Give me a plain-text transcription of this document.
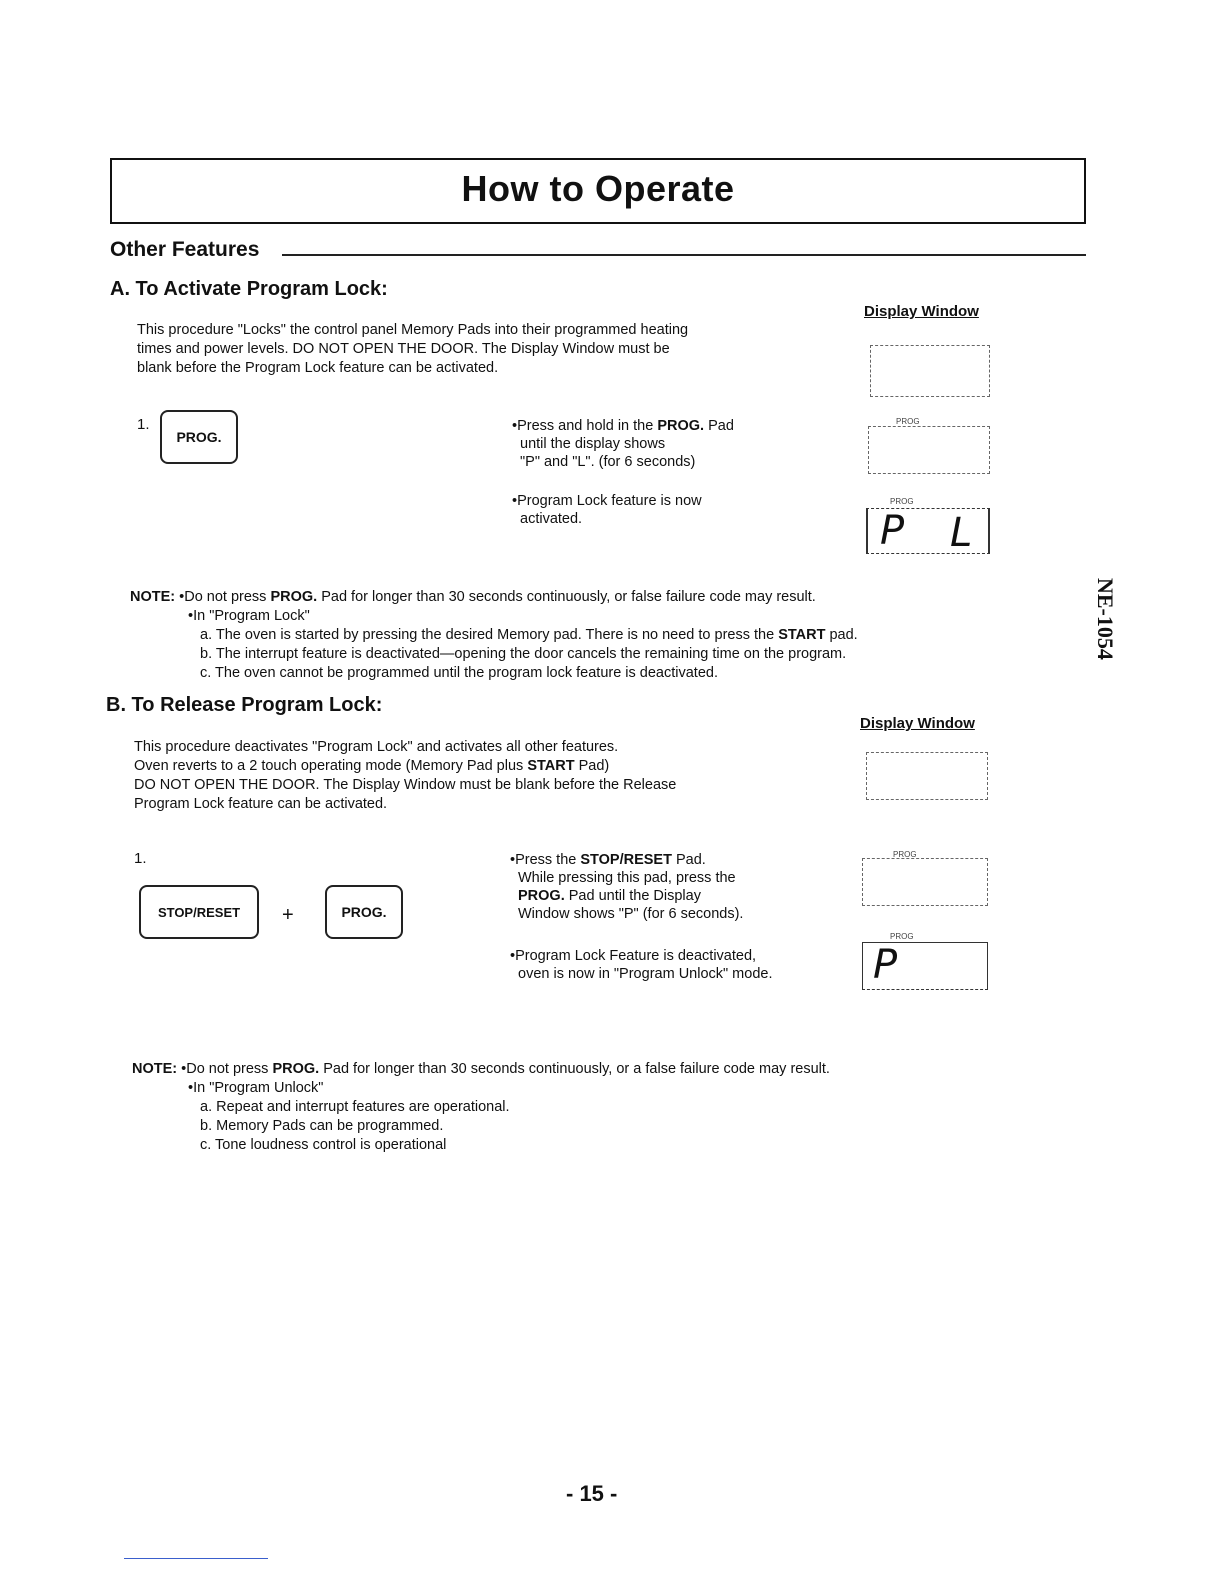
How to Operate
Other Features
A. To Activate Program Lock:
Display Window
This procedure "Locks" the control panel Memory Pads into their programmed heating
times and power levels. DO NOT OPEN THE DOOR. The Display Window must be
blank before the Program Lock feature can be activated.
1.
PROG.
•Press and hold in the PROG. Pad
until the display shows
"P" and "L". (for 6 seconds)
PROG
•Program Lock feature is now
activated.
PROG
P L
NE-1054
NOTE: •Do not press PROG. Pad for longer than 30 seconds continuously, or false failure code may result.
•In "Program Lock"
a. The oven is started by pressing the desired Memory pad. There is no need to press the START pad.
b. The interrupt feature is deactivated—opening the door cancels the remaining time on the program.
c. The oven cannot be programmed until the program lock feature is deactivated.
B. To Release Program Lock:
Display Window
This procedure deactivates "Program Lock" and activates all other features.
Oven reverts to a 2 touch operating mode (Memory Pad plus START Pad)
DO NOT OPEN THE DOOR. The Display Window must be blank before the Release
Program Lock feature can be activated.
1.
STOP/RESET	+	PROG.
•Press the STOP/RESET Pad.
While pressing this pad, press the
PROG. Pad until the Display
Window shows "P" (for 6 seconds).
PROG
•Program Lock Feature is deactivated,
oven is now in "Program Unlock" mode.
PROG
P
NOTE: •Do not press PROG. Pad for longer than 30 seconds continuously, or a false failure code may result.
•In "Program Unlock"
a. Repeat and interrupt features are operational.
b. Memory Pads can be programmed.
c. Tone loudness control is operational
- 15 -
